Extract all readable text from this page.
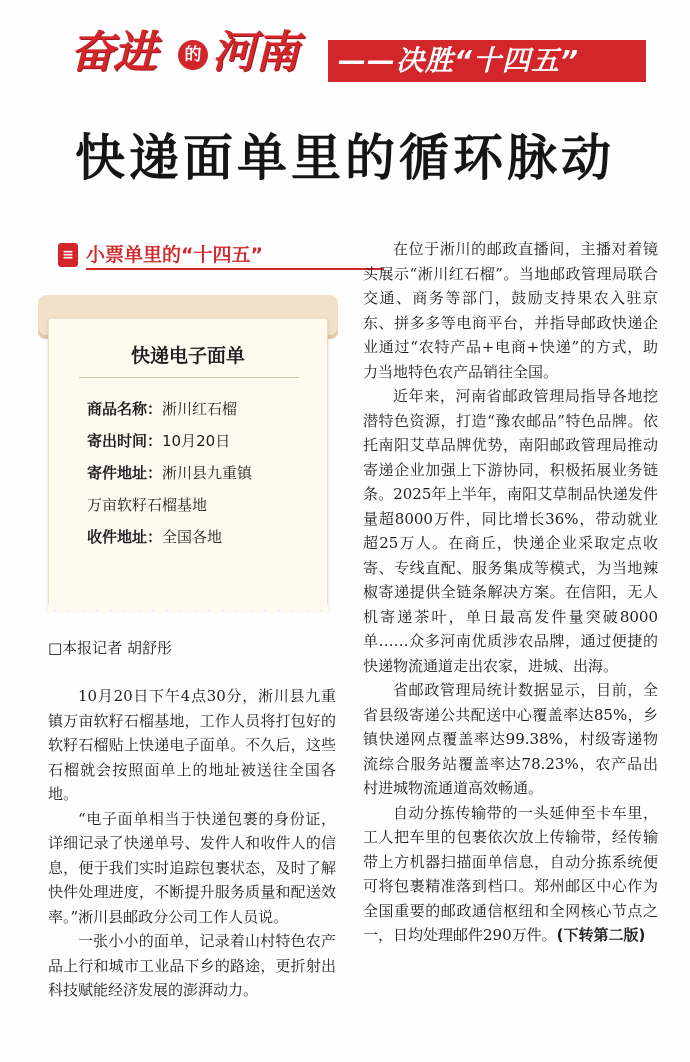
奋进	的 河南	——决胜“十四五”
快递面单里的循环脉动
≡ 小票单里的“十四五”
快递电子面单
商品名称：淅川红石榴
寄出时间：10月20日
寄件地址：淅川县九重镇
万亩软籽石榴基地
收件地址：全国各地
□本报记者 胡舒彤

10月20日下午4点30分，淅川县九重镇万亩软籽石榴基地，工作人员将打包好的软籽石榴贴上快递电子面单。不久后，这些石榴就会按照面单上的地址被送往全国各地。

“电子面单相当于快递包裹的身份证，详细记录了快递单号、发件人和收件人的信息，便于我们实时追踪包裹状态，及时了解快件处理进度，不断提升服务质量和配送效率。”淅川县邮政分公司工作人员说。

一张小小的面单，记录着山村特色农产品上行和城市工业品下乡的路途，更折射出科技赋能经济发展的澎湃动力。

在位于淅川的邮政直播间，主播对着镜头展示“淅川红石榴”。当地邮政管理局联合交通、商务等部门，鼓励支持果农入驻京东、拼多多等电商平台，并指导邮政快递企业通过“农特产品+电商+快递”的方式，助力当地特色农产品销往全国。

近年来，河南省邮政管理局指导各地挖潜特色资源，打造“豫农邮品”特色品牌。依托南阳艾草品牌优势，南阳邮政管理局推动寄递企业加强上下游协同，积极拓展业务链条。2025年上半年，南阳艾草制品快递发件量超8000万件，同比增长36%，带动就业超25万人。在商丘，快递企业采取定点收寄、专线直配、服务集成等模式，为当地辣椒寄递提供全链条解决方案。在信阳，无人机寄递茶叶，单日最高发件量突破8000单……众多河南优质涉农品牌，通过便捷的快递物流通道走出农家，进城、出海。

省邮政管理局统计数据显示，目前，全省县级寄递公共配送中心覆盖率达85%，乡镇快递网点覆盖率达99.38%，村级寄递物流综合服务站覆盖率达78.23%，农产品出村进城物流通道高效畅通。

自动分拣传输带的一头延伸至卡车里，工人把车里的包裹依次放上传输带，经传输带上方机器扫描面单信息，自动分拣系统便可将包裹精准落到档口。郑州邮区中心作为全国重要的邮政通信枢纽和全网核心节点之一，日均处理邮件290万件。(下转第二版)
